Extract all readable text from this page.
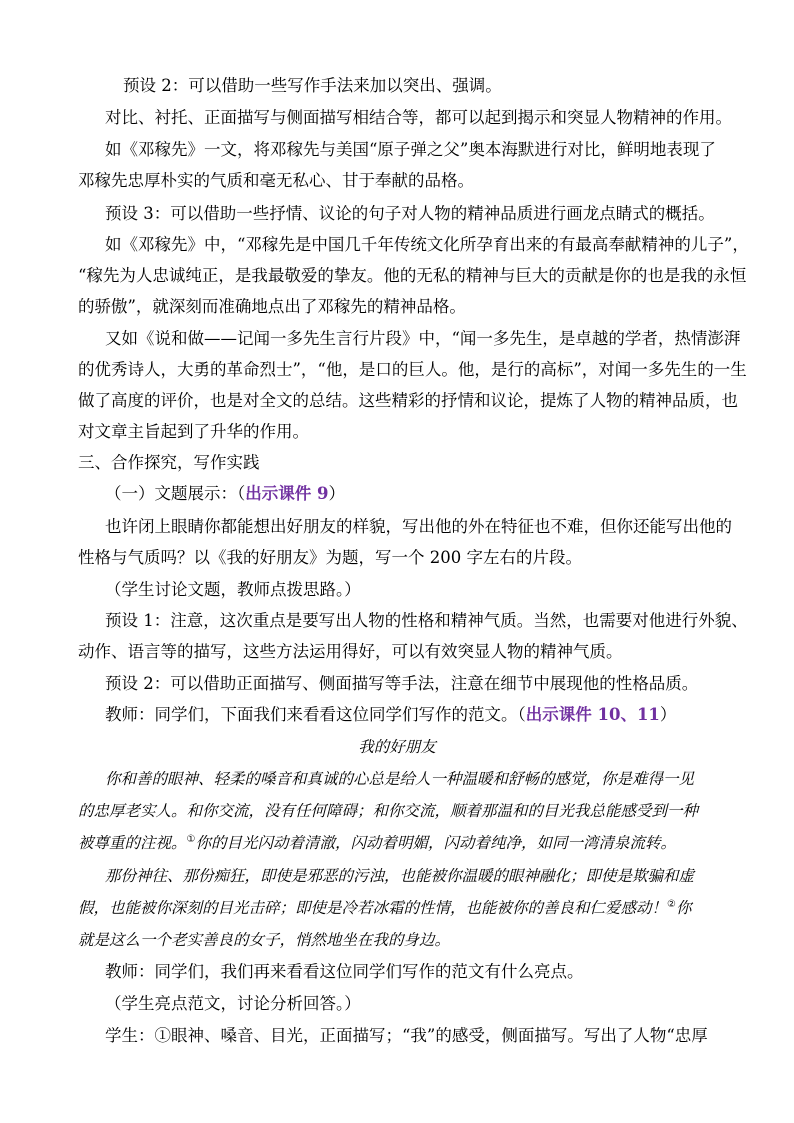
预设 2：可以借助一些写作手法来加以突出、强调。
对比、衬托、正面描写与侧面描写相结合等，都可以起到揭示和突显人物精神的作用。
如《邓稼先》一文，将邓稼先与美国“原子弹之父”奥本海默进行对比，鲜明地表现了
邓稼先忠厚朴实的气质和毫无私心、甘于奉献的品格。
预设 3：可以借助一些抒情、议论的句子对人物的精神品质进行画龙点睛式的概括。
如《邓稼先》中，“邓稼先是中国几千年传统文化所孕育出来的有最高奉献精神的儿子”，
“稼先为人忠诚纯正，是我最敬爱的挚友。他的无私的精神与巨大的贡献是你的也是我的永恒
的骄傲”，就深刻而准确地点出了邓稼先的精神品格。
又如《说和做——记闻一多先生言行片段》中，“闻一多先生，是卓越的学者，热情澎湃
的优秀诗人，大勇的革命烈士”，“他，是口的巨人。他，是行的高标”，对闻一多先生的一生
做了高度的评价，也是对全文的总结。这些精彩的抒情和议论，提炼了人物的精神品质，也
对文章主旨起到了升华的作用。
三、合作探究，写作实践
（一）文题展示：（出示课件 9）
也许闭上眼睛你都能想出好朋友的样貌，写出他的外在特征也不难，但你还能写出他的
性格与气质吗？以《我的好朋友》为题，写一个 200 字左右的片段。
（学生讨论文题，教师点拨思路。）
预设 1：注意，这次重点是要写出人物的性格和精神气质。当然，也需要对他进行外貌、
动作、语言等的描写，这些方法运用得好，可以有效突显人物的精神气质。
预设 2：可以借助正面描写、侧面描写等手法，注意在细节中展现他的性格品质。
教师：同学们，下面我们来看看这位同学们写作的范文。（出示课件 10、11）
我的好朋友
你和善的眼神、轻柔的嗓音和真诚的心总是给人一种温暖和舒畅的感觉，你是难得一见
的忠厚老实人。和你交流，没有任何障碍；和你交流，顺着那温和的目光我总能感受到一种
被尊重的注视。①你的目光闪动着清澈，闪动着明媚，闪动着纯净，如同一湾清泉流转。
那份神往、那份痴狂，即使是邪恶的污浊，也能被你温暖的眼神融化；即使是欺骗和虚
假，也能被你深刻的目光击碎；即使是冷若冰霜的性情，也能被你的善良和仁爱感动！②你
就是这么一个老实善良的女子，悄然地坐在我的身边。
教师：同学们，我们再来看看这位同学们写作的范文有什么亮点。
（学生亮点范文，讨论分析回答。）
学生：①眼神、嗓音、目光，正面描写；“我”的感受，侧面描写。写出了人物“忠厚
